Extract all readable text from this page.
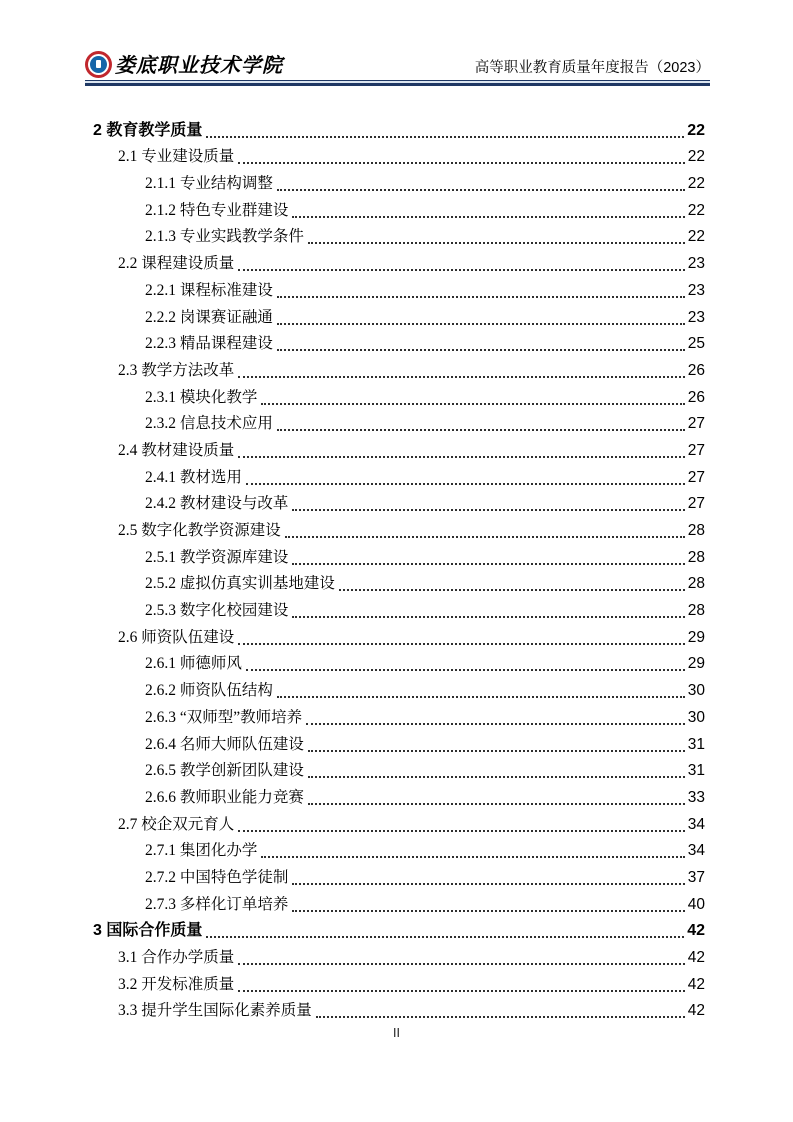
娄底职业技术学院	高等职业教育质量年度报告（2023）
2 教育教学质量	22
2.1 专业建设质量	22
2.1.1 专业结构调整	22
2.1.2 特色专业群建设	22
2.1.3 专业实践教学条件	22
2.2 课程建设质量	23
2.2.1 课程标准建设	23
2.2.2 岗课赛证融通	23
2.2.3 精品课程建设	25
2.3 教学方法改革	26
2.3.1 模块化教学	26
2.3.2 信息技术应用	27
2.4 教材建设质量	27
2.4.1 教材选用	27
2.4.2 教材建设与改革	27
2.5 数字化教学资源建设	28
2.5.1 教学资源库建设	28
2.5.2 虚拟仿真实训基地建设	28
2.5.3 数字化校园建设	28
2.6 师资队伍建设	29
2.6.1 师德师风	29
2.6.2 师资队伍结构	30
2.6.3 “双师型”教师培养	30
2.6.4 名师大师队伍建设	31
2.6.5 教学创新团队建设	31
2.6.6 教师职业能力竞赛	33
2.7 校企双元育人	34
2.7.1 集团化办学	34
2.7.2 中国特色学徒制	37
2.7.3 多样化订单培养	40
3 国际合作质量	42
3.1 合作办学质量	42
3.2 开发标准质量	42
3.3 提升学生国际化素养质量	42
II
